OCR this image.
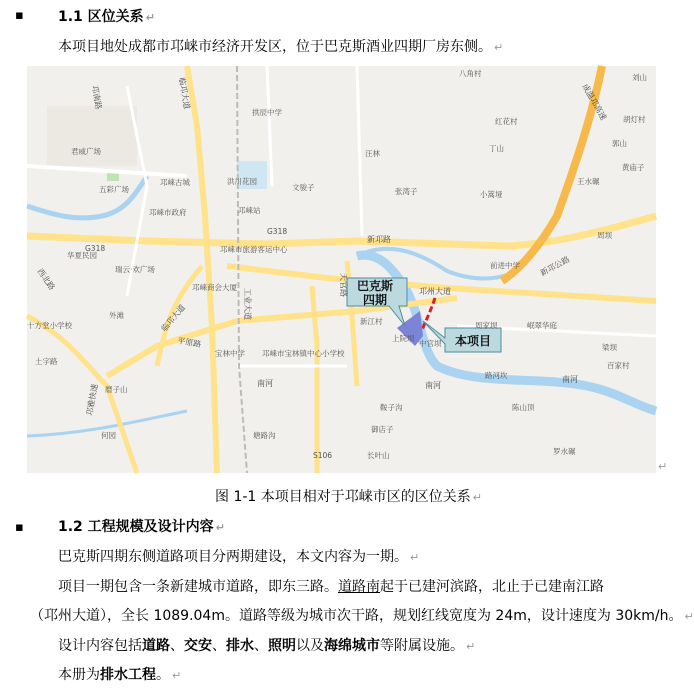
▪ 1.1 区位关系 ↵
本项目地处成都市邛崃市经济开发区，位于巴克斯酒业四期厂房东侧。 ↵
巴克斯
四期
本项目
临邛大道
新邛路
新邛公路
成温邛高速
工业大道
天官路	邛州大道
平原路
临邛大道
西北路
邛雅快速
G318
G318
S106
南河
南河	南河
邛南路
八角村	刘山
红花村	胡灯村
郭山
黄庙子
王水碾
周坝
前进中学
汪林
文骏子	张湾子	小篙垭
丁山
拱辰中学
君威广场
邛崃古城
五彩广场
洪川花园
邛崃市政府	邛崃站
华夏民园
瑞云·欢广场
邛崃商会大厦
邛崃市旅游客运中心
十方堂小学校
土字路
外滩
磨子山
宝林中学 邛崃市宝林镇中心小学校
何园	塘路沟
周家坝
上院坝
中官坝
新江村
路河坎
陈山顶
鞍子沟
御店子
长叶山	罗水碾
梁坝
百家村
岷翠华庭
↵
图 1-1 本项目相对于邛崃市区的区位关系 ↵
▪ 1.2 工程规模及设计内容 ↵
巴克斯四期东侧道路项目分两期建设，本文内容为一期。 ↵
项目一期包含一条新建城市道路，即东三路。道路南起于已建河滨路，北止于已建南江路
（邛州大道），全长 1089.04m。道路等级为城市次干路，规划红线宽度为 24m，设计速度为 30km/h。 ↵
设计内容包括道路、交安、排水、照明以及海绵城市等附属设施。 ↵
本册为排水工程。 ↵
